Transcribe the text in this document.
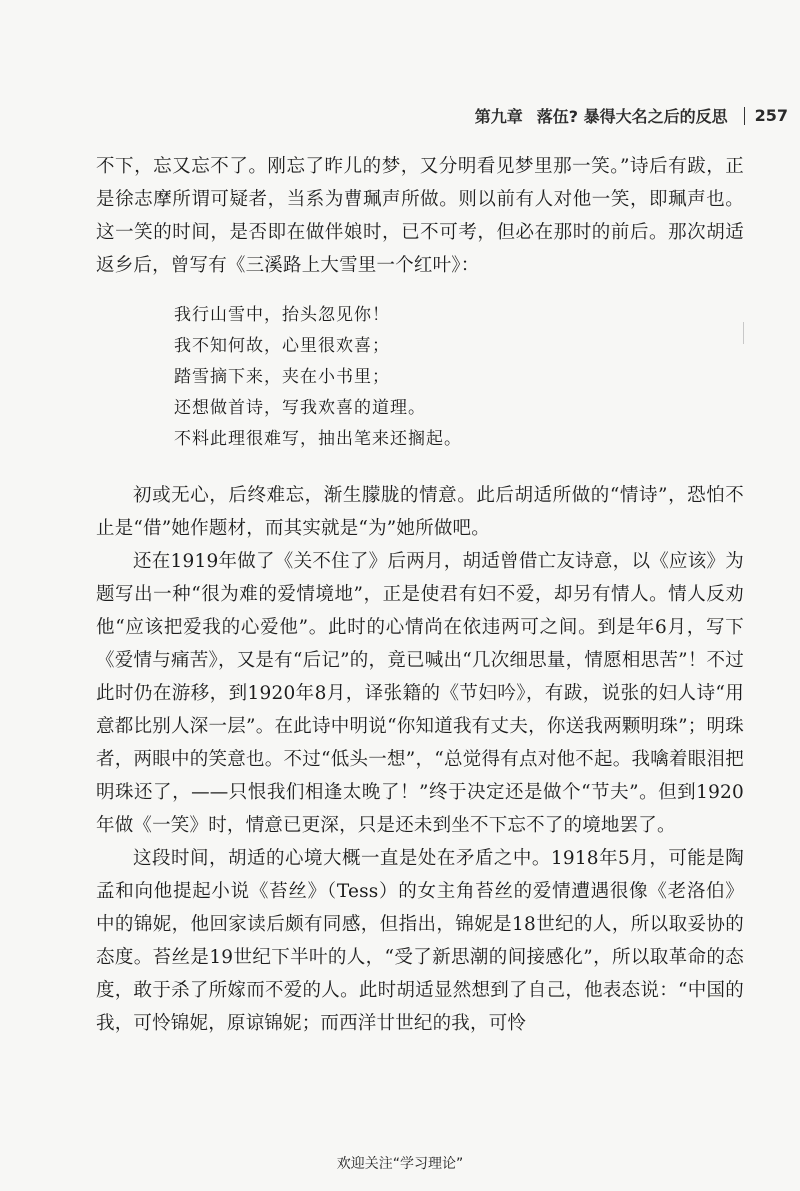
第九章 落伍? 暴得大名之后的反思 257

不下，忘又忘不了。刚忘了昨儿的梦，又分明看见梦里那一笑。”诗后有跋，正是徐志摩所谓可疑者，当系为曹珮声所做。则以前有人对他一笑，即珮声也。这一笑的时间，是否即在做伴娘时，已不可考，但必在那时的前后。那次胡适返乡后，曾写有《三溪路上大雪里一个红叶》：

我行山雪中，抬头忽见你！
我不知何故，心里很欢喜；
踏雪摘下来，夹在小书里；
还想做首诗，写我欢喜的道理。
不料此理很难写，抽出笔来还搁起。

初或无心，后终难忘，渐生朦胧的情意。此后胡适所做的“情诗”，恐怕不止是“借”她作题材，而其实就是“为”她所做吧。

还在1919年做了《关不住了》后两月，胡适曾借亡友诗意，以《应该》为题写出一种“很为难的爱情境地”，正是使君有妇不爱，却另有情人。情人反劝他“应该把爱我的心爱他”。此时的心情尚在依违两可之间。到是年6月，写下《爱情与痛苦》，又是有“后记”的，竟已喊出“几次细思量，情愿相思苦”！不过此时仍在游移，到1920年8月，译张籍的《节妇吟》，有跋，说张的妇人诗“用意都比别人深一层”。在此诗中明说“你知道我有丈夫，你送我两颗明珠”；明珠者，两眼中的笑意也。不过“低头一想”，“总觉得有点对他不起。我噙着眼泪把明珠还了，——只恨我们相逢太晚了！”终于决定还是做个“节夫”。但到1920年做《一笑》时，情意已更深，只是还未到坐不下忘不了的境地罢了。

这段时间，胡适的心境大概一直是处在矛盾之中。1918年5月，可能是陶孟和向他提起小说《苔丝》（Tess）的女主角苔丝的爱情遭遇很像《老洛伯》中的锦妮，他回家读后颇有同感，但指出，锦妮是18世纪的人，所以取妥协的态度。苔丝是19世纪下半叶的人，“受了新思潮的间接感化”，所以取革命的态度，敢于杀了所嫁而不爱的人。此时胡适显然想到了自己，他表态说：“中国的我，可怜锦妮，原谅锦妮；而西洋廿世纪的我，可怜

欢迎关注“学习理论”
